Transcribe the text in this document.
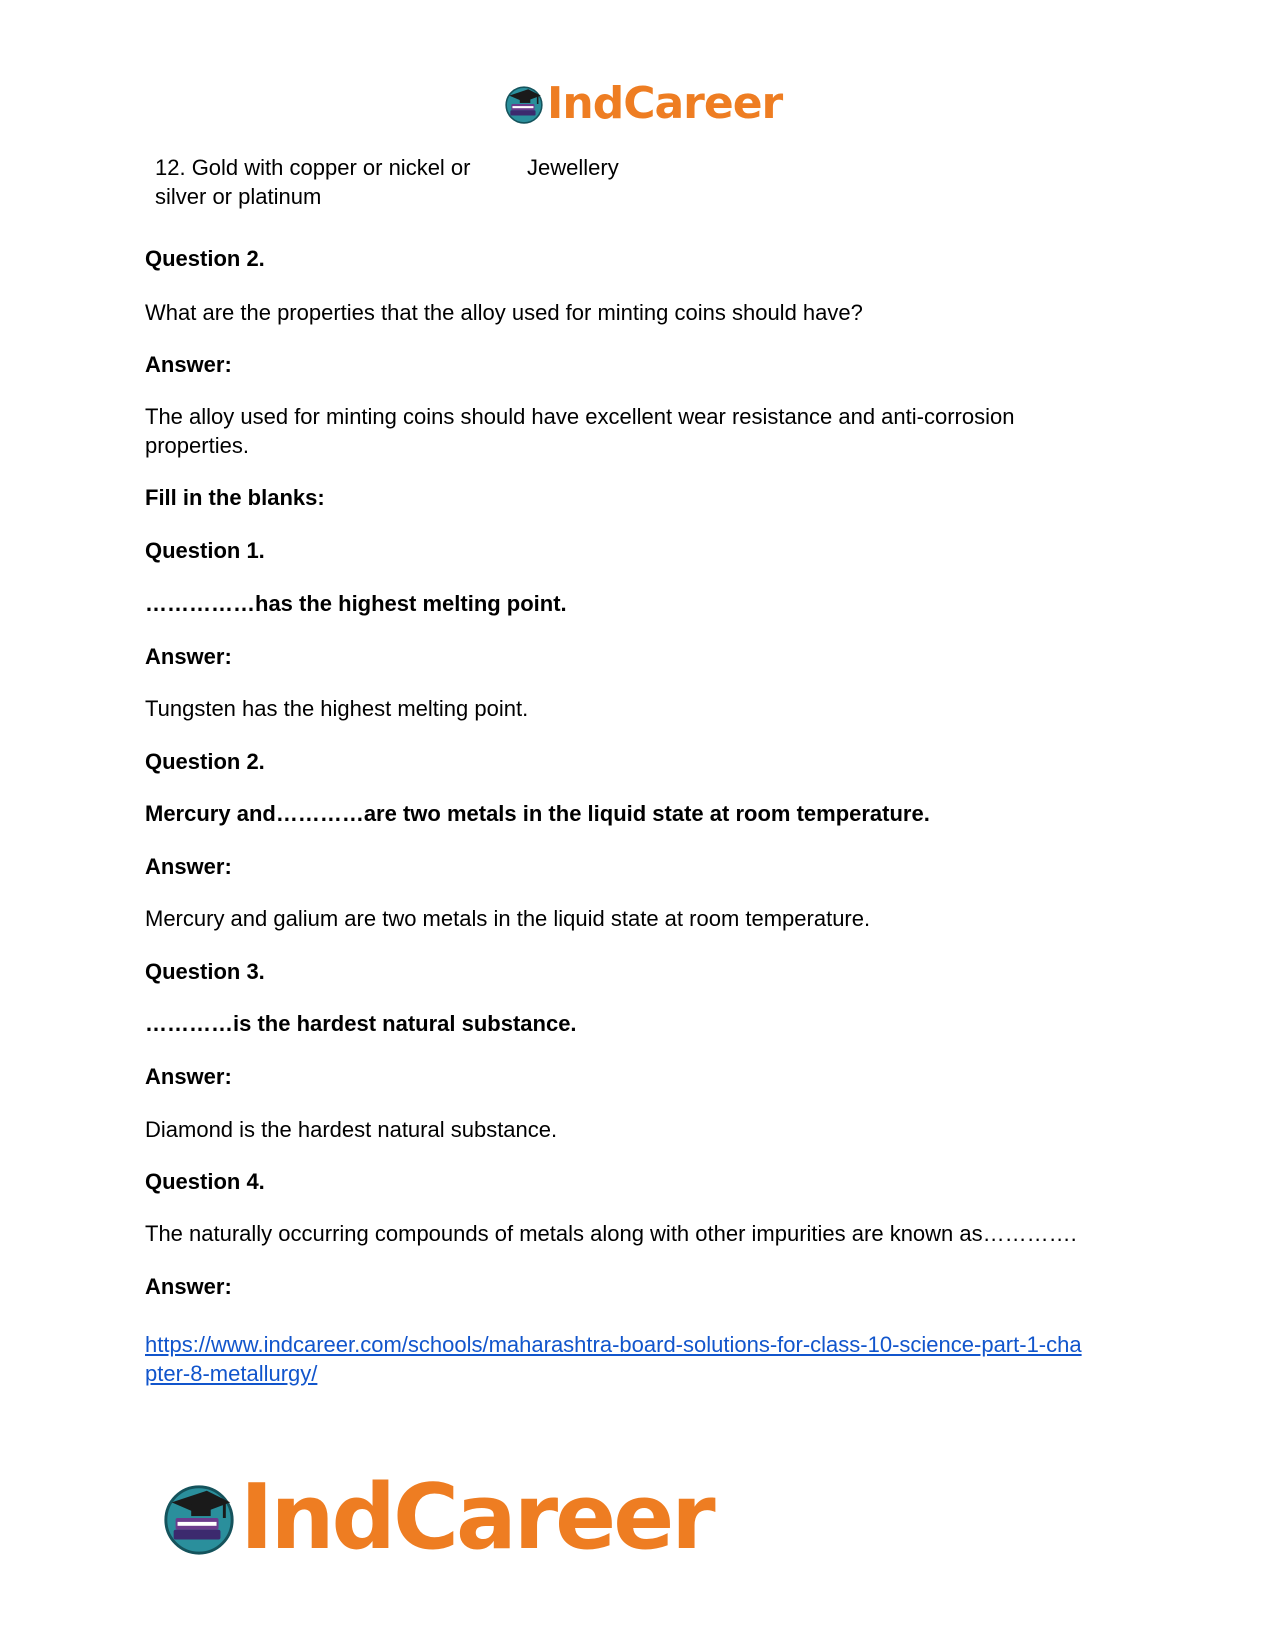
IndCareer
12. Gold with copper or nickel or
silver or platinum
Jewellery
Question 2.
What are the properties that the alloy used for minting coins should have?
Answer:
The alloy used for minting coins should have excellent wear resistance and anti-corrosion
properties.
Fill in the blanks:
Question 1.
……………has the highest melting point.
Answer:
Tungsten has the highest melting point.
Question 2.
Mercury and…………are two metals in the liquid state at room temperature.
Answer:
Mercury and galium are two metals in the liquid state at room temperature.
Question 3.
…………is the hardest natural substance.
Answer:
Diamond is the hardest natural substance.
Question 4.
The naturally occurring compounds of metals along with other impurities are known as………….
Answer:
https://www.indcareer.com/schools/maharashtra-board-solutions-for-class-10-science-part-1-cha
pter-8-metallurgy/
IndCareer
